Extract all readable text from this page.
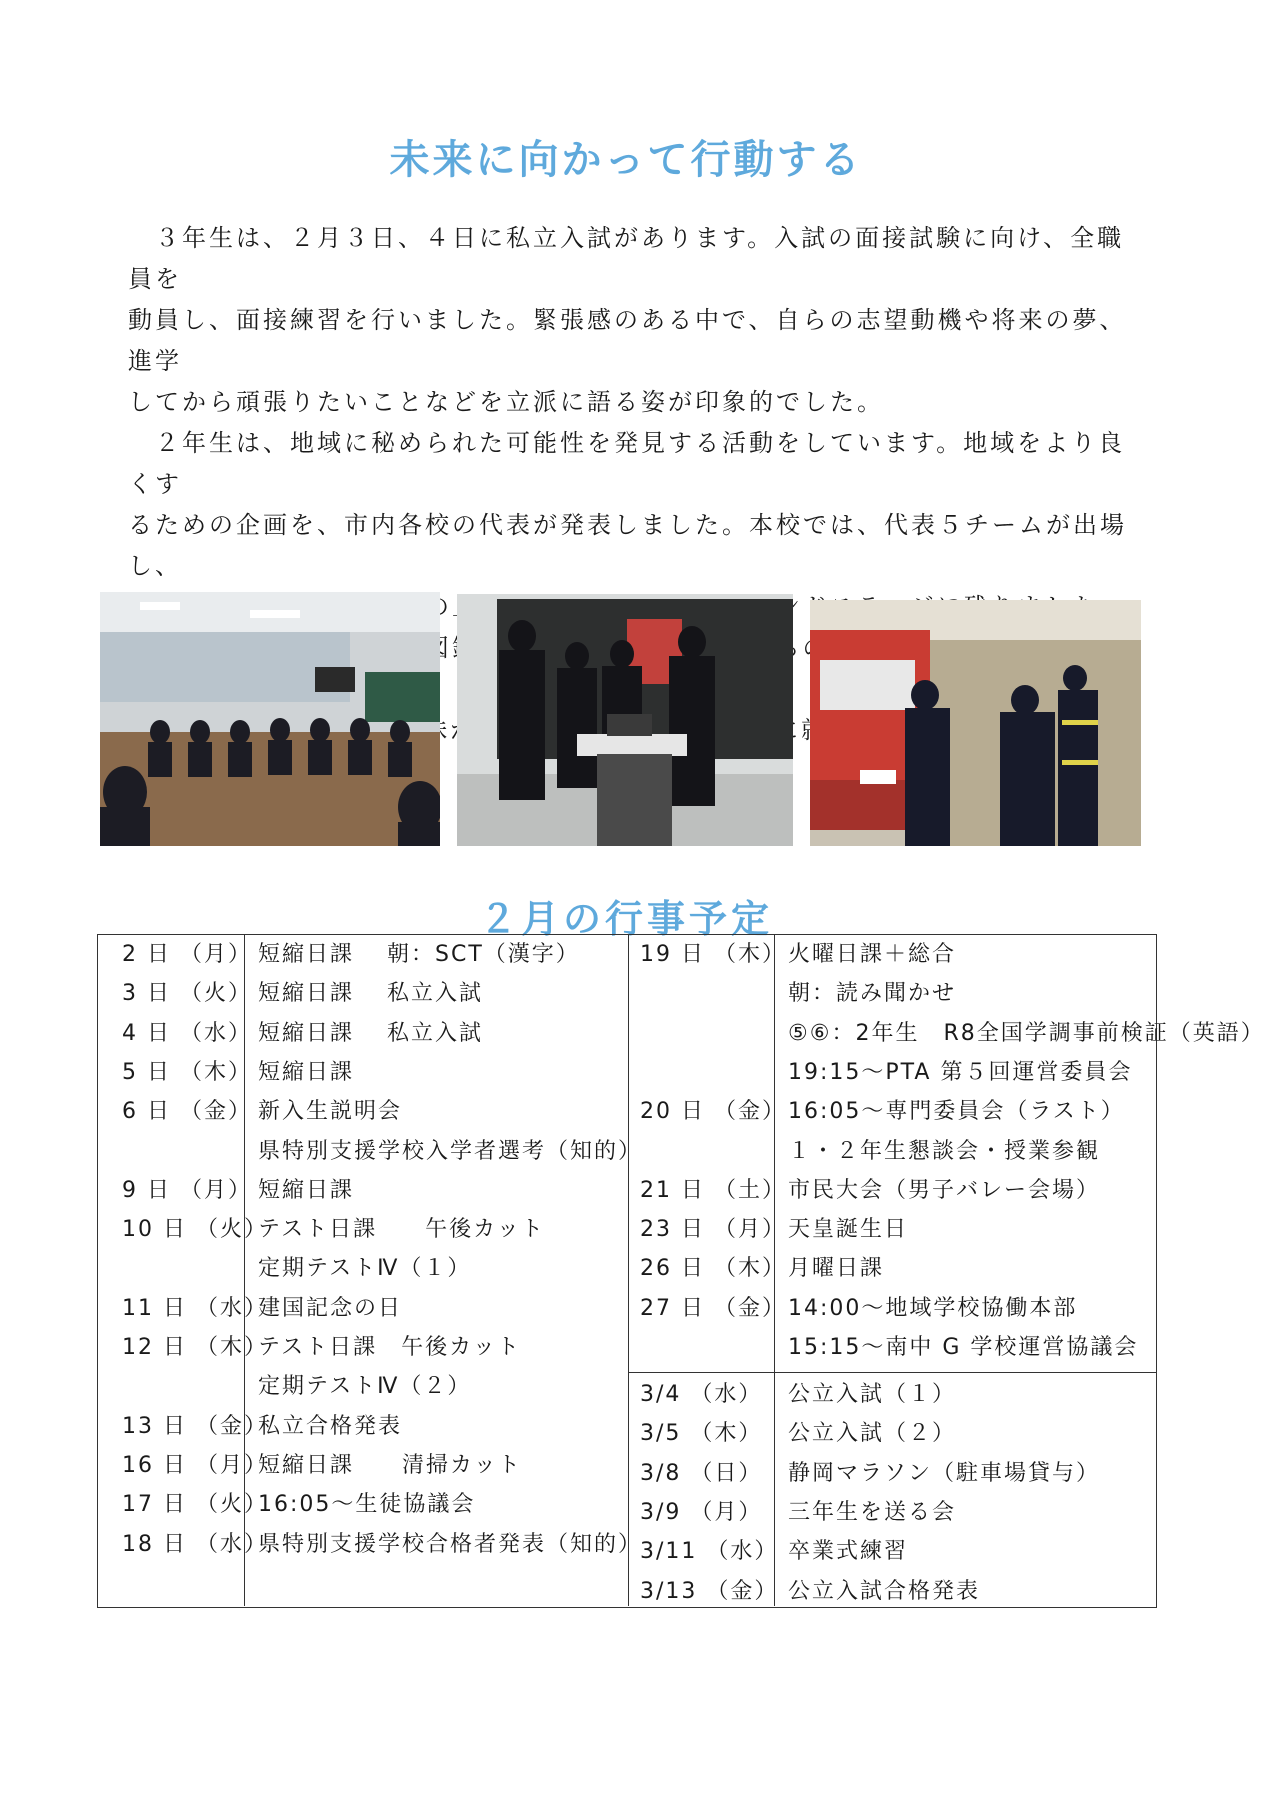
未来に向かって行動する

　３年生は、２月３日、４日に私立入試があります。入試の面接試験に向け、全職員を
動員し、面接練習を行いました。緊張感のある中で、自らの志望動機や将来の夢、進学
してから頑張りたいことなどを立派に語る姿が印象的でした。

　２年生は、地域に秘められた可能性を発見する活動をしています。地域をより良くす
るための企画を、市内各校の代表が発表しました。本校では、代表５チームが出場し、

２月の行事予定
2 日 （月） 短縮日課　 朝：SCT（漢字）
3 日 （火） 短縮日課　 私立入試
4 日 （水） 短縮日課　 私立入試
5 日 （木） 短縮日課
6 日 （金） 新入生説明会
県特別支援学校入学者選考（知的）
9 日 （月） 短縮日課
10 日 （火）
テスト日課　　午後カット
定期テストⅣ（１）
11 日 （水）
建国記念の日
12 日 （木）
テスト日課　午後カット
定期テストⅣ（２）
13 日 （金）
私立合格発表
16 日 （月）
短縮日課　　清掃カット
17 日 （火）
16:05～生徒協議会
18 日 （水）
県特別支援学校合格者発表（知的）
19 日 （木） 火曜日課＋総合
朝：読み聞かせ
⑤⑥：2年生　R8全国学調事前検証（英語）
19:15～PTA 第５回運営委員会
20 日 （金） 16:05～専門委員会（ラスト）
１・２年生懇談会・授業参観
21 日 （土） 市民大会（男子バレー会場）
23 日 （月） 天皇誕生日
26 日 （木） 月曜日課
27 日 （金） 14:00～地域学校協働本部
15:15～南中 G 学校運営協議会
3/4 （水） 公立入試（１）
3/5 （木） 公立入試（２）
3/8 （日） 静岡マラソン（駐車場貸与）
3/9 （月） 三年生を送る会
3/11 （水） 卒業式練習
3/13 （金） 公立入試合格発表
